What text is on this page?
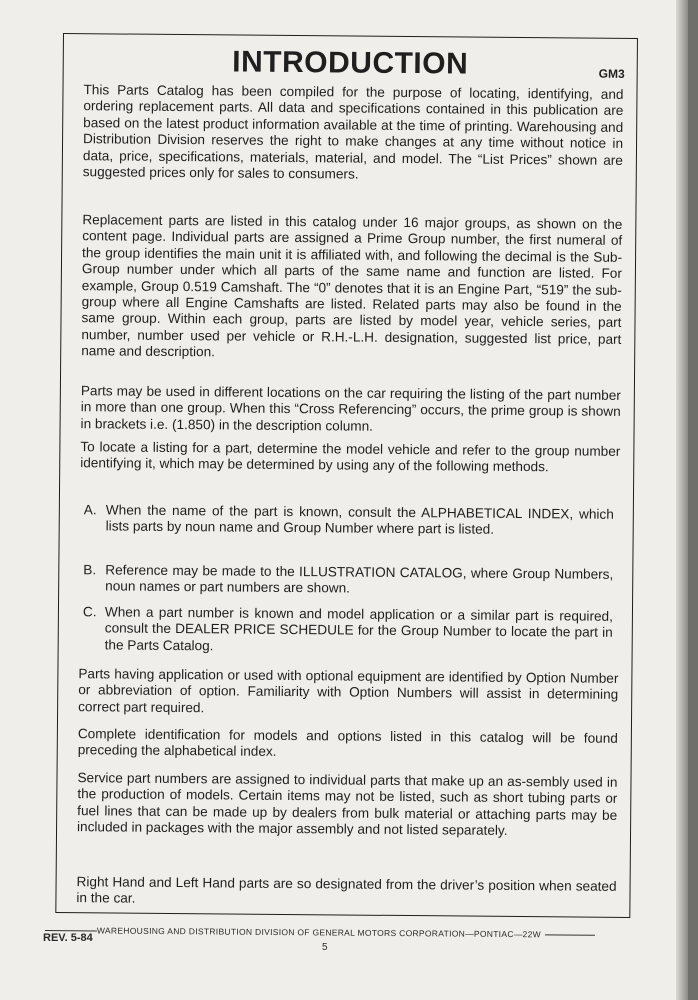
INTRODUCTION	GM3

This Parts Catalog has been compiled for the purpose of locating, identifying, and ordering replacement parts. All data and specifications contained in this publication are based on the latest product information available at the time of printing. Warehousing and Distribution Division reserves the right to make changes at any time without notice in data, price, specifications, materials, material, and model. The “List Prices” shown are suggested prices only for sales to consumers.

Replacement parts are listed in this catalog under 16 major groups, as shown on the content page. Individual parts are assigned a Prime Group number, the first numeral of the group identifies the main unit it is affiliated with, and following the decimal is the Sub-Group number under which all parts of the same name and function are listed. For example, Group 0.519 Camshaft. The “0” denotes that it is an Engine Part, “519” the sub-group where all Engine Camshafts are listed. Related parts may also be found in the same group. Within each group, parts are listed by model year, vehicle series, part number, number used per vehicle or R.H.-L.H. designation, suggested list price, part name and description.

Parts may be used in different locations on the car requiring the listing of the part number in more than one group. When this “Cross Referencing” occurs, the prime group is shown in brackets i.e. (1.850) in the description column.

To locate a listing for a part, determine the model vehicle and refer to the group number identifying it, which may be determined by using any of the following methods.

A. When the name of the part is known, consult the ALPHABETICAL INDEX, which lists parts by noun name and Group Number where part is listed.
B. Reference may be made to the ILLUSTRATION CATALOG, where Group Numbers, noun names or part numbers are shown.
C. When a part number is known and model application or a similar part is required, consult the DEALER PRICE SCHEDULE for the Group Number to locate the part in the Parts Catalog.

Parts having application or used with optional equipment are identified by Option Number or abbreviation of option. Familiarity with Option Numbers will assist in determining correct part required.

Complete identification for models and options listed in this catalog will be found preceding the alphabetical index.

Service part numbers are assigned to individual parts that make up an as-sembly used in the production of models. Certain items may not be listed, such as short tubing parts or fuel lines that can be made up by dealers from bulk material or attaching parts may be included in packages with the major assembly and not listed separately.

Right Hand and Left Hand parts are so designated from the driver’s position when seated in the car.

WAREHOUSING AND DISTRIBUTION DIVISION OF GENERAL MOTORS CORPORATION—PONTIAC—22W
REV. 5-84
5
